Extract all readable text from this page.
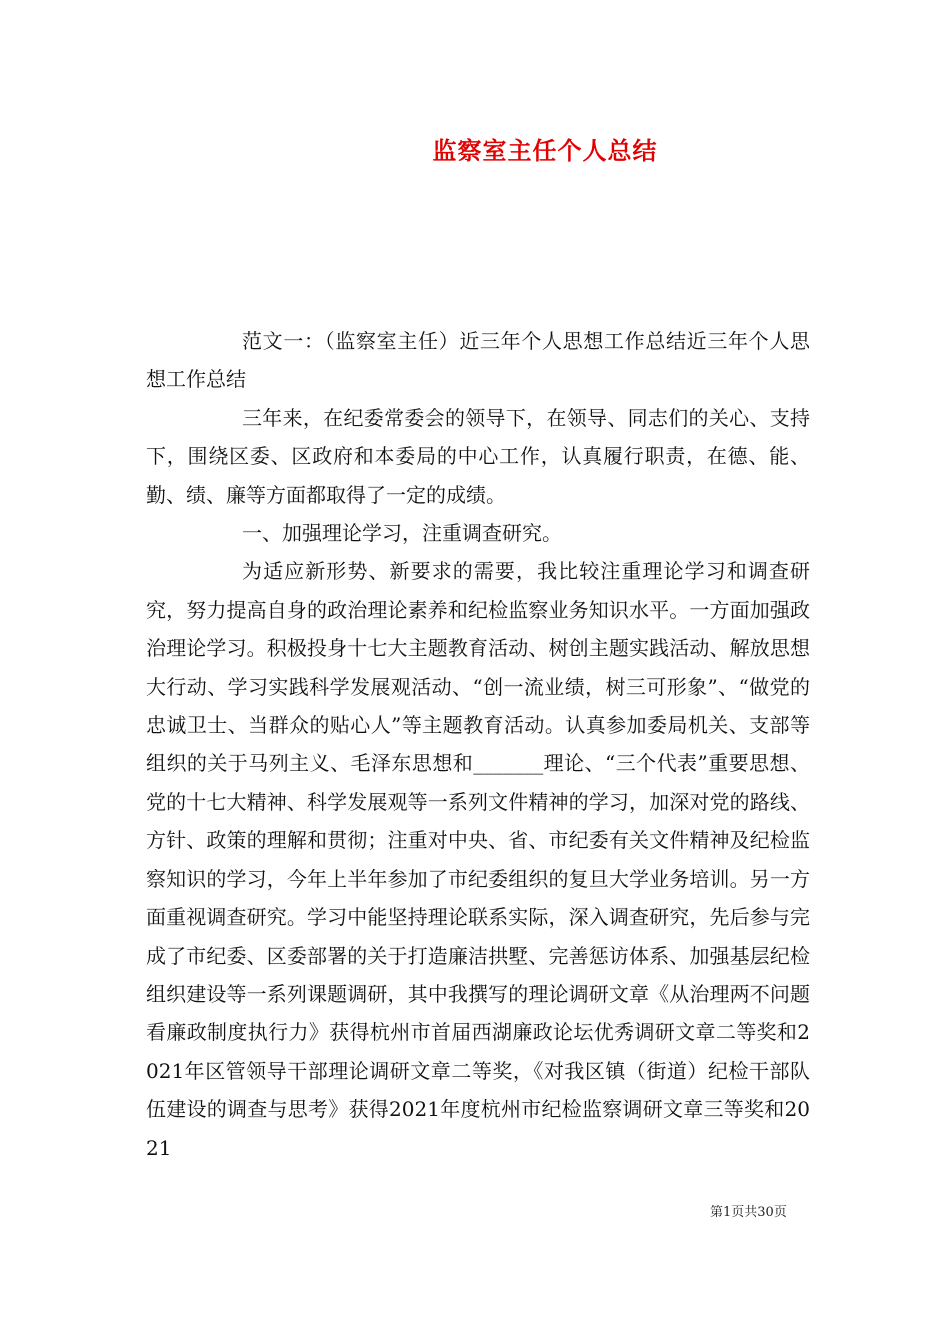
监察室主任个人总结

范文一：（监察室主任）近三年个人思想工作总结近三年个人思想工作总结

三年来，在纪委常委会的领导下，在领导、同志们的关心、支持下，围绕区委、区政府和本委局的中心工作，认真履行职责，在德、能、勤、绩、廉等方面都取得了一定的成绩。

一、加强理论学习，注重调查研究。

为适应新形势、新要求的需要，我比较注重理论学习和调查研究，努力提高自身的政治理论素养和纪检监察业务知识水平。一方面加强政治理论学习。积极投身十七大主题教育活动、树创主题实践活动、解放思想大行动、学习实践科学发展观活动、“创一流业绩，树三可形象”、“做党的忠诚卫士、当群众的贴心人”等主题教育活动。认真参加委局机关、支部等组织的关于马列主义、毛泽东思想和_______理论、“三个代表”重要思想、党的十七大精神、科学发展观等一系列文件精神的学习，加深对党的路线、方针、政策的理解和贯彻；注重对中央、省、市纪委有关文件精神及纪检监察知识的学习，今年上半年参加了市纪委组织的复旦大学业务培训。另一方面重视调查研究。学习中能坚持理论联系实际，深入调查研究，先后参与完成了市纪委、区委部署的关于打造廉洁拱墅、完善惩访体系、加强基层纪检组织建设等一系列课题调研，其中我撰写的理论调研文章《从治理两不问题看廉政制度执行力》获得杭州市首届西湖廉政论坛优秀调研文章二等奖和2021年区管领导干部理论调研文章二等奖，《对我区镇（街道）纪检干部队伍建设的调查与思考》获得2021年度杭州市纪检监察调研文章三等奖和2021

第1页共30页
